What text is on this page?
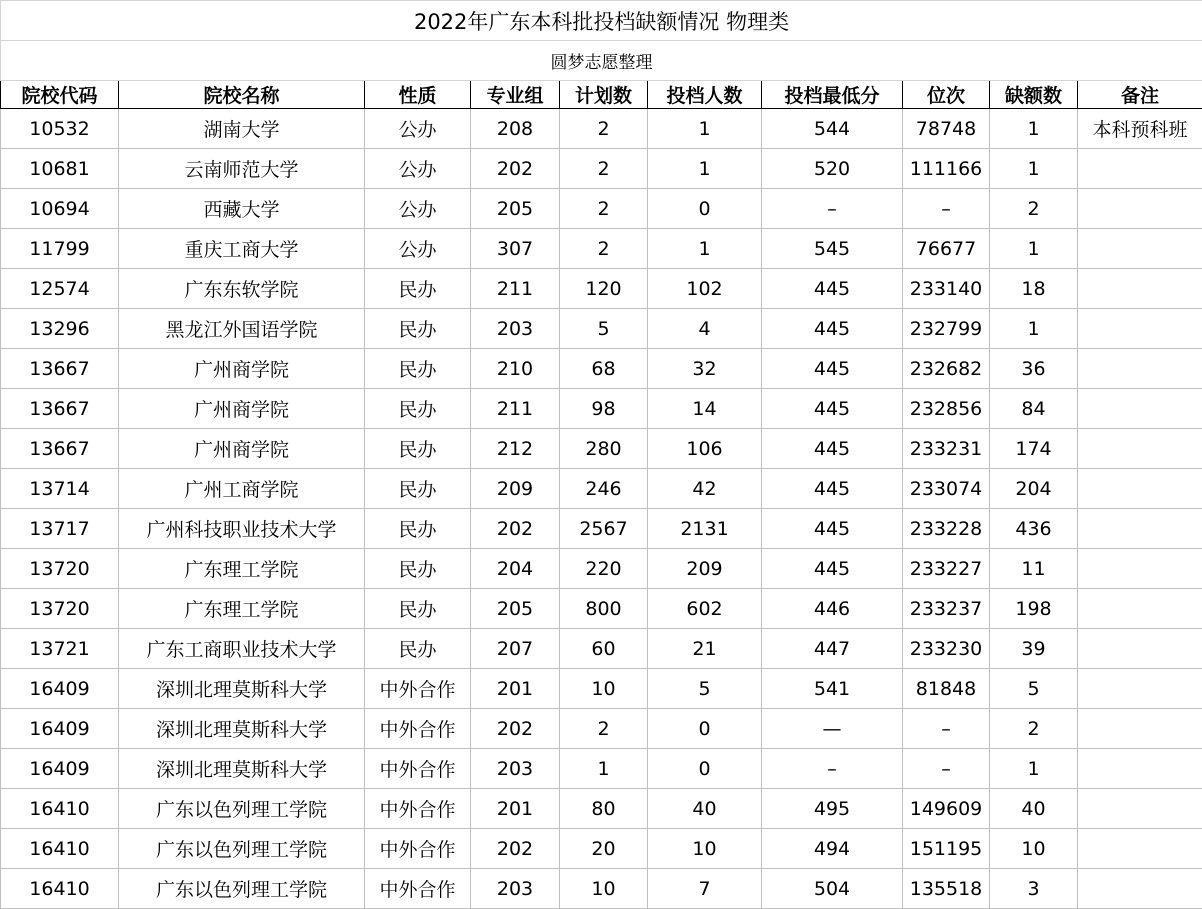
2022年广东本科批投档缺额情况 物理类									
圆梦志愿整理									
院校代码	院校名称	性质	专业组	计划数	投档人数	投档最低分	位次	缺额数	备注
10532	湖南大学	公办	208	2	1	544	78748	1	本科预科班
10681	云南师范大学	公办	202	2	1	520	111166	1	
10694	西藏大学	公办	205	2	0	–	–	2	
11799	重庆工商大学	公办	307	2	1	545	76677	1	
12574	广东东软学院	民办	211	120	102	445	233140	18	
13296	黑龙江外国语学院	民办	203	5	4	445	232799	1	
13667	广州商学院	民办	210	68	32	445	232682	36	
13667	广州商学院	民办	211	98	14	445	232856	84	
13667	广州商学院	民办	212	280	106	445	233231	174	
13714	广州工商学院	民办	209	246	42	445	233074	204	
13717	广州科技职业技术大学	民办	202	2567	2131	445	233228	436	
13720	广东理工学院	民办	204	220	209	445	233227	11	
13720	广东理工学院	民办	205	800	602	446	233237	198	
13721	广东工商职业技术大学	民办	207	60	21	447	233230	39	
16409	深圳北理莫斯科大学	中外合作	201	10	5	541	81848	5	
16409	深圳北理莫斯科大学	中外合作	202	2	0	—	–	2	
16409	深圳北理莫斯科大学	中外合作	203	1	0	–	–	1	
16410	广东以色列理工学院	中外合作	201	80	40	495	149609	40	
16410	广东以色列理工学院	中外合作	202	20	10	494	151195	10	
16410	广东以色列理工学院	中外合作	203	10	7	504	135518	3	
